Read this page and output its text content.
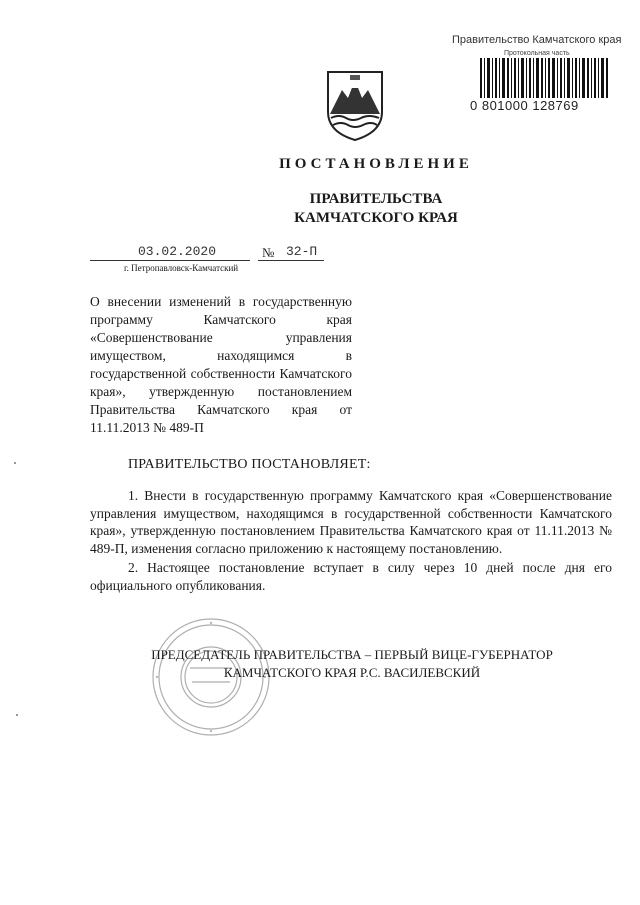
Правительство Камчатского края
Протокольная часть
0 801000 128769
ПОСТАНОВЛЕНИЕ
ПРАВИТЕЛЬСТВА
КАМЧАТСКОГО КРАЯ
03.02.2020	№ 32-П
г. Петропавловск-Камчатский
О внесении изменений в государственную программу Камчатского края «Совершенствование управления имуществом, находящимся в государственной собственности Камчатского края», утвержденную постановлением Правительства Камчатского края от 11.11.2013 № 489-П
ПРАВИТЕЛЬСТВО ПОСТАНОВЛЯЕТ:

1. Внести в государственную программу Камчатского края «Совершенствование управления имуществом, находящимся в государственной собственности Камчатского края», утвержденную постановлением Правительства Камчатского края от 11.11.2013 № 489-П, изменения согласно приложению к настоящему постановлению.

2. Настоящее постановление вступает в силу через 10 дней после дня его официального опубликования.

ПРЕДСЕДАТЕЛЬ ПРАВИТЕЛЬСТВА – ПЕРВЫЙ ВИЦЕ-ГУБЕРНАТОР
КАМЧАТСКОГО КРАЯ Р.С. ВАСИЛЕВСКИЙ
